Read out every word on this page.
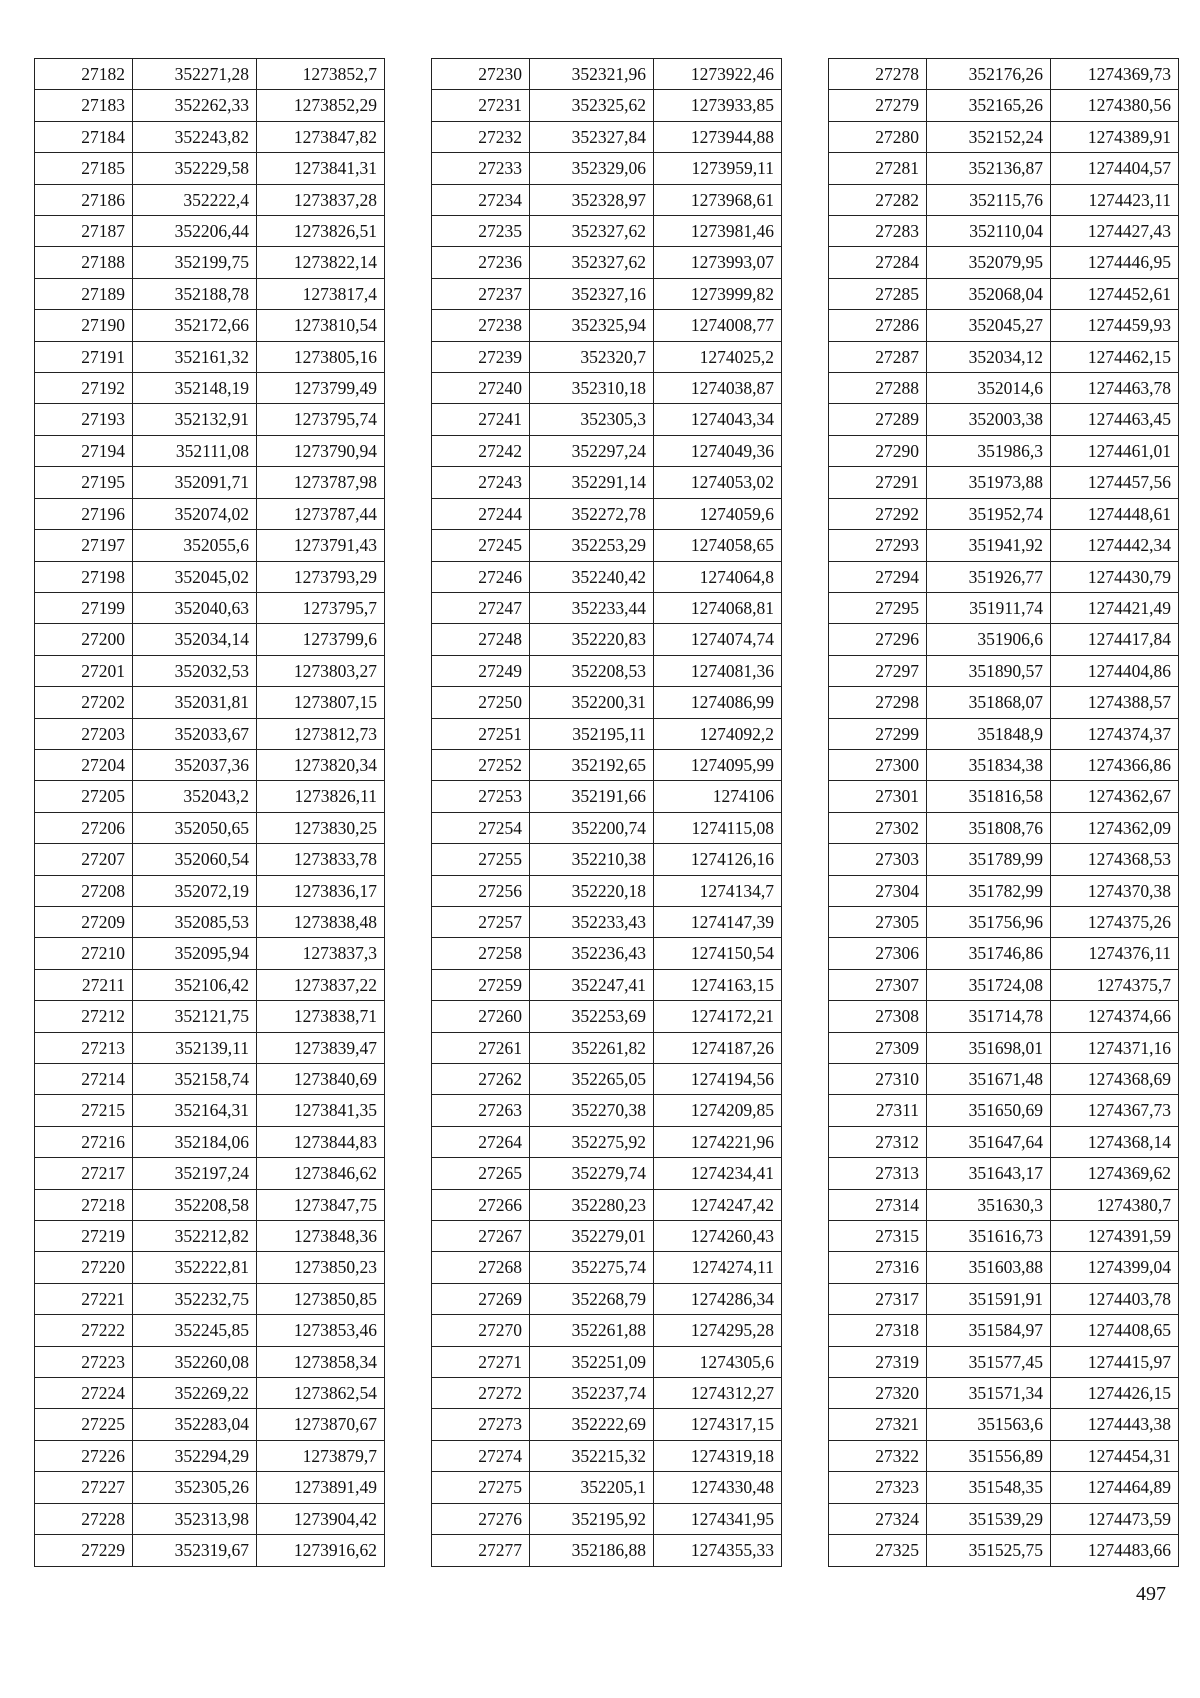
27182	352271,28	1273852,7
27183	352262,33	1273852,29
27184	352243,82	1273847,82
27185	352229,58	1273841,31
27186	352222,4	1273837,28
27187	352206,44	1273826,51
27188	352199,75	1273822,14
27189	352188,78	1273817,4
27190	352172,66	1273810,54
27191	352161,32	1273805,16
27192	352148,19	1273799,49
27193	352132,91	1273795,74
27194	352111,08	1273790,94
27195	352091,71	1273787,98
27196	352074,02	1273787,44
27197	352055,6	1273791,43
27198	352045,02	1273793,29
27199	352040,63	1273795,7
27200	352034,14	1273799,6
27201	352032,53	1273803,27
27202	352031,81	1273807,15
27203	352033,67	1273812,73
27204	352037,36	1273820,34
27205	352043,2	1273826,11
27206	352050,65	1273830,25
27207	352060,54	1273833,78
27208	352072,19	1273836,17
27209	352085,53	1273838,48
27210	352095,94	1273837,3
27211	352106,42	1273837,22
27212	352121,75	1273838,71
27213	352139,11	1273839,47
27214	352158,74	1273840,69
27215	352164,31	1273841,35
27216	352184,06	1273844,83
27217	352197,24	1273846,62
27218	352208,58	1273847,75
27219	352212,82	1273848,36
27220	352222,81	1273850,23
27221	352232,75	1273850,85
27222	352245,85	1273853,46
27223	352260,08	1273858,34
27224	352269,22	1273862,54
27225	352283,04	1273870,67
27226	352294,29	1273879,7
27227	352305,26	1273891,49
27228	352313,98	1273904,42
27229	352319,67	1273916,62
27230	352321,96	1273922,46
27231	352325,62	1273933,85
27232	352327,84	1273944,88
27233	352329,06	1273959,11
27234	352328,97	1273968,61
27235	352327,62	1273981,46
27236	352327,62	1273993,07
27237	352327,16	1273999,82
27238	352325,94	1274008,77
27239	352320,7	1274025,2
27240	352310,18	1274038,87
27241	352305,3	1274043,34
27242	352297,24	1274049,36
27243	352291,14	1274053,02
27244	352272,78	1274059,6
27245	352253,29	1274058,65
27246	352240,42	1274064,8
27247	352233,44	1274068,81
27248	352220,83	1274074,74
27249	352208,53	1274081,36
27250	352200,31	1274086,99
27251	352195,11	1274092,2
27252	352192,65	1274095,99
27253	352191,66	1274106
27254	352200,74	1274115,08
27255	352210,38	1274126,16
27256	352220,18	1274134,7
27257	352233,43	1274147,39
27258	352236,43	1274150,54
27259	352247,41	1274163,15
27260	352253,69	1274172,21
27261	352261,82	1274187,26
27262	352265,05	1274194,56
27263	352270,38	1274209,85
27264	352275,92	1274221,96
27265	352279,74	1274234,41
27266	352280,23	1274247,42
27267	352279,01	1274260,43
27268	352275,74	1274274,11
27269	352268,79	1274286,34
27270	352261,88	1274295,28
27271	352251,09	1274305,6
27272	352237,74	1274312,27
27273	352222,69	1274317,15
27274	352215,32	1274319,18
27275	352205,1	1274330,48
27276	352195,92	1274341,95
27277	352186,88	1274355,33
27278	352176,26	1274369,73
27279	352165,26	1274380,56
27280	352152,24	1274389,91
27281	352136,87	1274404,57
27282	352115,76	1274423,11
27283	352110,04	1274427,43
27284	352079,95	1274446,95
27285	352068,04	1274452,61
27286	352045,27	1274459,93
27287	352034,12	1274462,15
27288	352014,6	1274463,78
27289	352003,38	1274463,45
27290	351986,3	1274461,01
27291	351973,88	1274457,56
27292	351952,74	1274448,61
27293	351941,92	1274442,34
27294	351926,77	1274430,79
27295	351911,74	1274421,49
27296	351906,6	1274417,84
27297	351890,57	1274404,86
27298	351868,07	1274388,57
27299	351848,9	1274374,37
27300	351834,38	1274366,86
27301	351816,58	1274362,67
27302	351808,76	1274362,09
27303	351789,99	1274368,53
27304	351782,99	1274370,38
27305	351756,96	1274375,26
27306	351746,86	1274376,11
27307	351724,08	1274375,7
27308	351714,78	1274374,66
27309	351698,01	1274371,16
27310	351671,48	1274368,69
27311	351650,69	1274367,73
27312	351647,64	1274368,14
27313	351643,17	1274369,62
27314	351630,3	1274380,7
27315	351616,73	1274391,59
27316	351603,88	1274399,04
27317	351591,91	1274403,78
27318	351584,97	1274408,65
27319	351577,45	1274415,97
27320	351571,34	1274426,15
27321	351563,6	1274443,38
27322	351556,89	1274454,31
27323	351548,35	1274464,89
27324	351539,29	1274473,59
27325	351525,75	1274483,66
497
